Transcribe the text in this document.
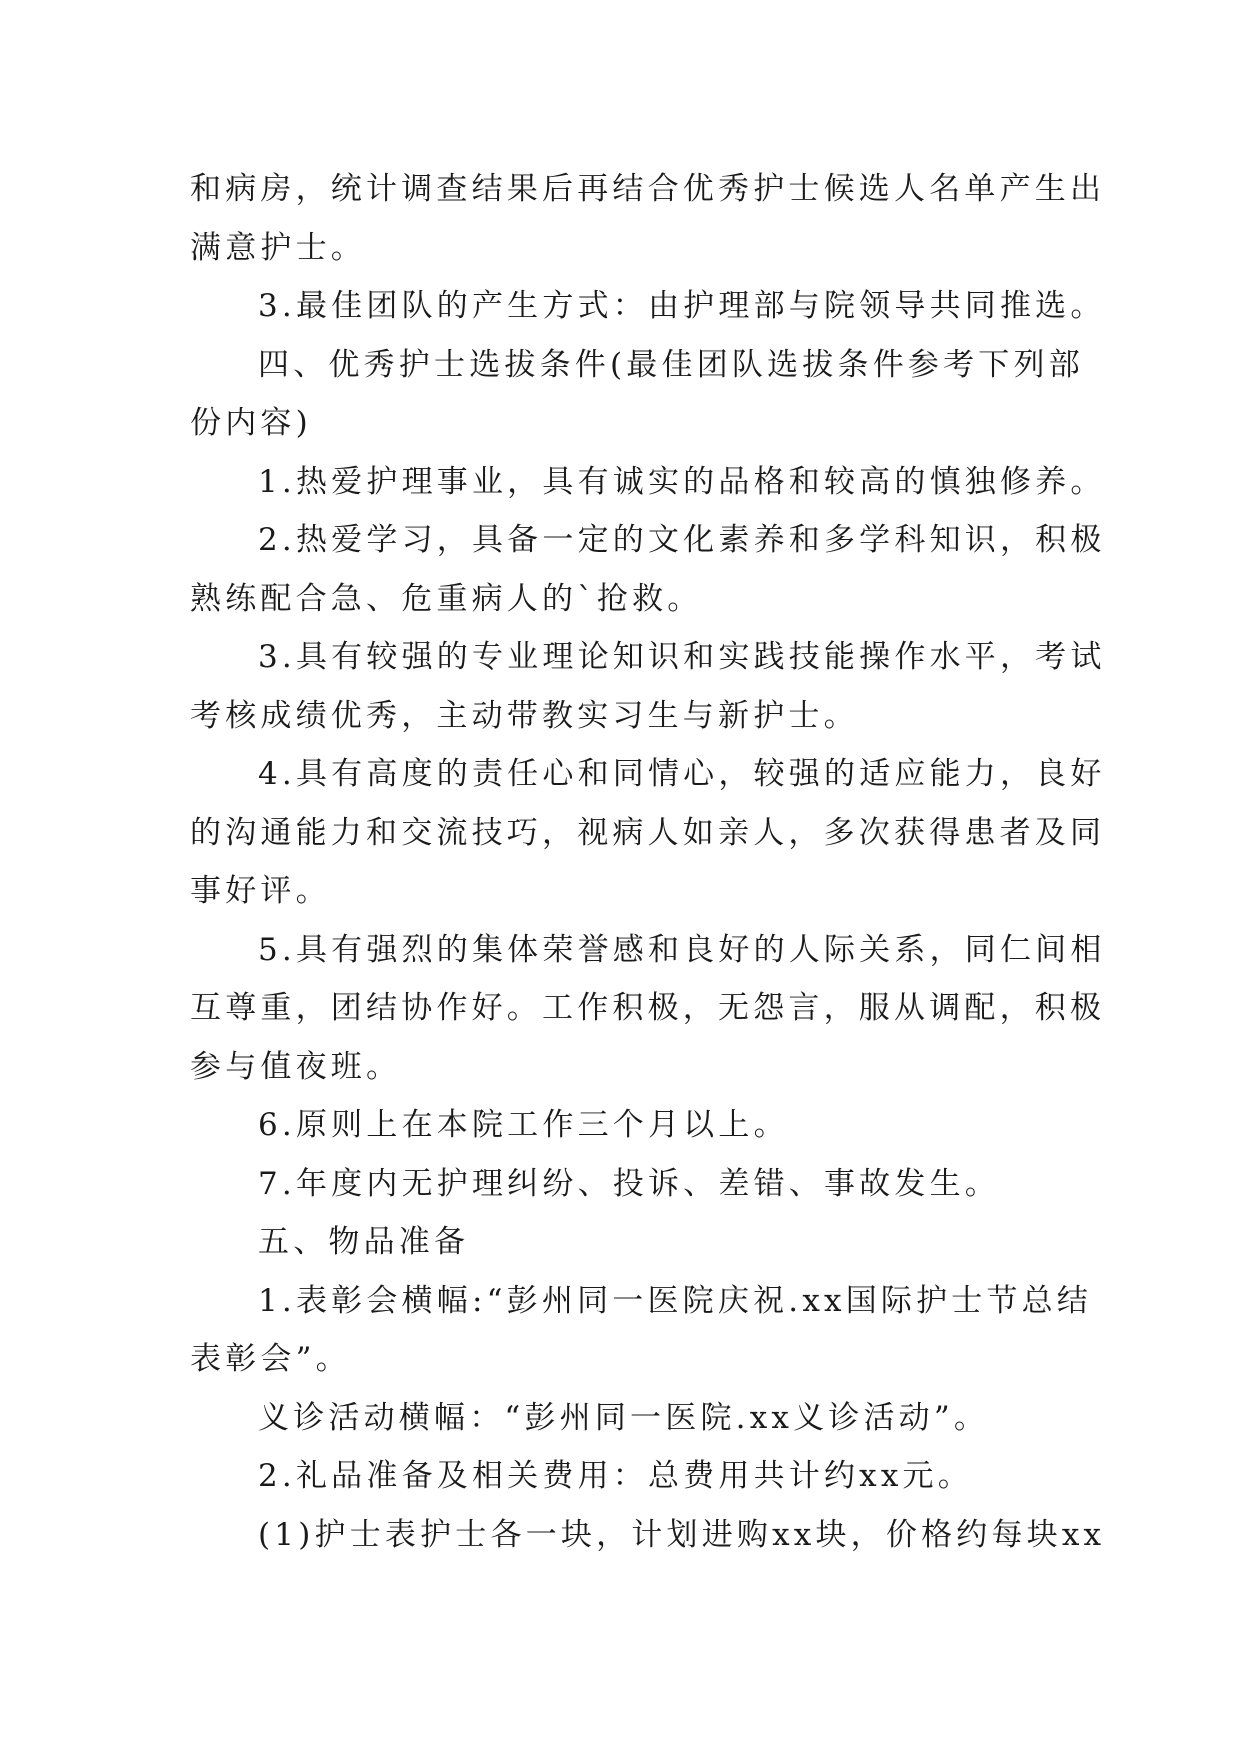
和病房，统计调查结果后再结合优秀护士候选人名单产生出
满意护士。
3.最佳团队的产生方式：由护理部与院领导共同推选。
四、优秀护士选拔条件(最佳团队选拔条件参考下列部
份内容)
1.热爱护理事业，具有诚实的品格和较高的慎独修养。
2.热爱学习，具备一定的文化素养和多学科知识，积极
熟练配合急、危重病人的`抢救。
3.具有较强的专业理论知识和实践技能操作水平，考试
考核成绩优秀，主动带教实习生与新护士。
4.具有高度的责任心和同情心，较强的适应能力，良好
的沟通能力和交流技巧，视病人如亲人，多次获得患者及同
事好评。
5.具有强烈的集体荣誉感和良好的人际关系，同仁间相
互尊重，团结协作好。工作积极，无怨言，服从调配，积极
参与值夜班。
6.原则上在本院工作三个月以上。
7.年度内无护理纠纷、投诉、差错、事故发生。
五、物品准备
1.表彰会横幅:“彭州同一医院庆祝.xx国际护士节总结
表彰会”。
义诊活动横幅：“彭州同一医院.xx义诊活动”。
2.礼品准备及相关费用：总费用共计约xx元。
(1)护士表护士各一块，计划进购xx块，价格约每块xx
